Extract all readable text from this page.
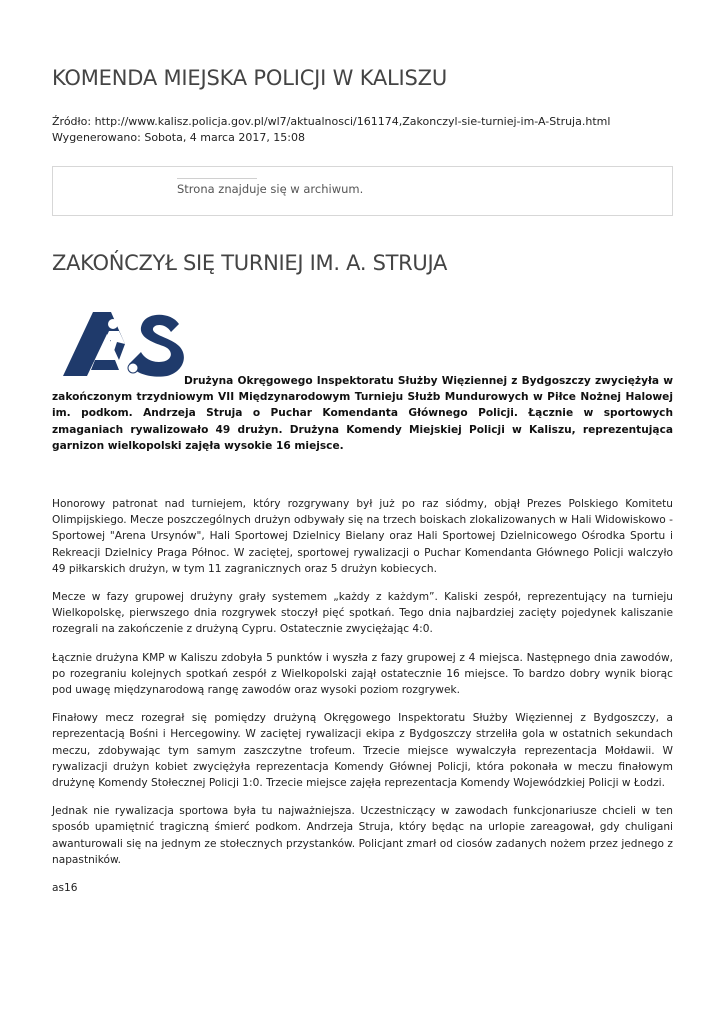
KOMENDA MIEJSKA POLICJI W KALISZU
Źródło: http://www.kalisz.policja.gov.pl/wl7/aktualnosci/161174,Zakonczyl-sie-turniej-im-A-Struja.html
Wygenerowano: Sobota, 4 marca 2017, 15:08
Strona znajduje się w archiwum.
ZAKOŃCZYŁ SIĘ TURNIEJ IM. A. STRUJA

Drużyna Okręgowego Inspektoratu Służby Więziennej z Bydgoszczy zwyciężyła w zakończonym trzydniowym VII Międzynarodowym Turnieju Służb Mundurowych w Piłce Nożnej Halowej im. podkom. Andrzeja Struja o Puchar Komendanta Głównego Policji. Łącznie w sportowych zmaganiach rywalizowało 49 drużyn. Drużyna Komendy Miejskiej Policji w Kaliszu, reprezentująca garnizon wielkopolski zajęła wysokie 16 miejsce.

Honorowy patronat nad turniejem, który rozgrywany był już po raz siódmy, objął Prezes Polskiego Komitetu Olimpijskiego. Mecze poszczególnych drużyn odbywały się na trzech boiskach zlokalizowanych w Hali Widowiskowo - Sportowej "Arena Ursynów", Hali Sportowej Dzielnicy Bielany oraz Hali Sportowej Dzielnicowego Ośrodka Sportu i Rekreacji Dzielnicy Praga Północ. W zaciętej, sportowej rywalizacji o Puchar Komendanta Głównego Policji walczyło 49 piłkarskich drużyn, w tym 11 zagranicznych oraz 5 drużyn kobiecych.

Mecze w fazy grupowej drużyny grały systemem „każdy z każdym”. Kaliski zespół, reprezentujący na turnieju Wielkopolskę, pierwszego dnia rozgrywek stoczył pięć spotkań. Tego dnia najbardziej zacięty pojedynek kaliszanie rozegrali na zakończenie z drużyną Cypru. Ostatecznie zwyciężając 4:0.

Łącznie drużyna KMP w Kaliszu zdobyła 5 punktów i wyszła z fazy grupowej z 4 miejsca. Następnego dnia zawodów, po rozegraniu kolejnych spotkań zespół z Wielkopolski zajął ostatecznie 16 miejsce. To bardzo dobry wynik biorąc pod uwagę międzynarodową rangę zawodów oraz wysoki poziom rozgrywek.

Finałowy mecz rozegrał się pomiędzy drużyną Okręgowego Inspektoratu Służby Więziennej z Bydgoszczy, a reprezentacją Bośni i Hercegowiny. W zaciętej rywalizacji ekipa z Bydgoszczy strzeliła gola w ostatnich sekundach meczu, zdobywając tym samym zaszczytne trofeum. Trzecie miejsce wywalczyła reprezentacja Mołdawii. W rywalizacji drużyn kobiet zwyciężyła reprezentacja Komendy Głównej Policji, która pokonała w meczu finałowym drużynę Komendy Stołecznej Policji 1:0. Trzecie miejsce zajęła reprezentacja Komendy Wojewódzkiej Policji w Łodzi.

Jednak nie rywalizacja sportowa była tu najważniejsza. Uczestniczący w zawodach funkcjonariusze chcieli w ten sposób upamiętnić tragiczną śmierć podkom. Andrzeja Struja, który będąc na urlopie zareagował, gdy chuligani awanturowali się na jednym ze stołecznych przystanków. Policjant zmarł od ciosów zadanych nożem przez jednego z napastników.

as16
